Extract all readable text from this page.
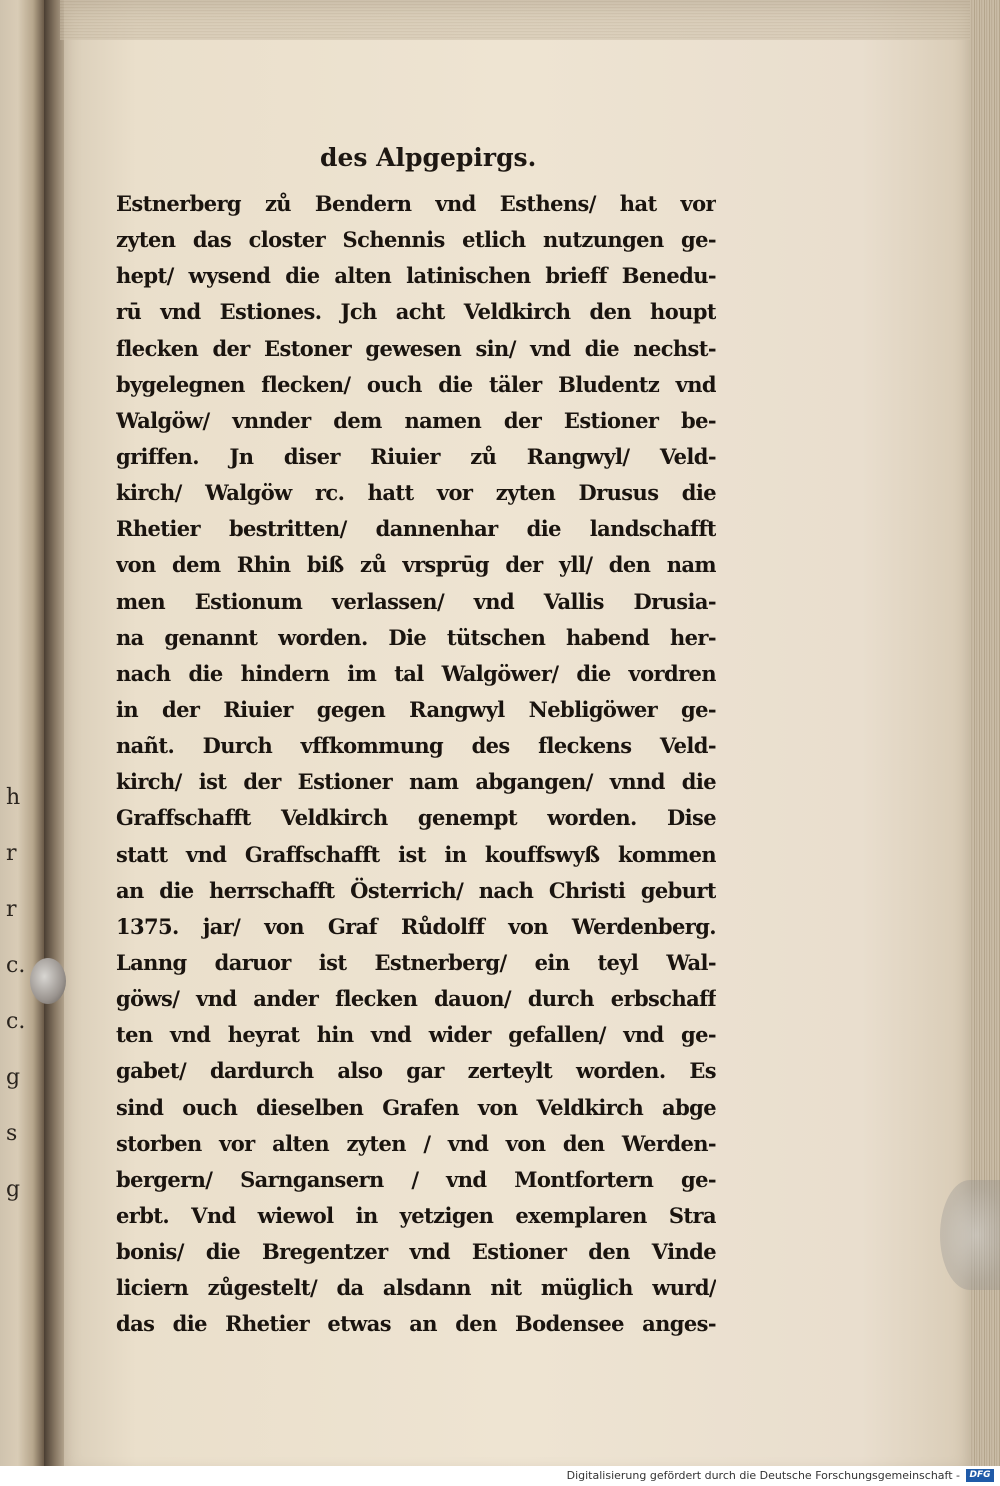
h
r
r
c.
c.
g
s
g
des Alpgepirgs.
Estnerberg zů Bendern vnd Esthens/ hat vor
zyten das closter Schennis etlich nutzungen ge-
hept/ wysend die alten latinischen brieff Benedu-
rū vnd Estiones. Jch acht Veldkirch den houpt
flecken der Estoner gewesen sin/ vnd die nechst-
bygelegnen flecken/ ouch die täler Bludentz vnd
Walgöw/ vnnder dem namen der Estioner be-
griffen. Jn diser Riuier zů Rangwyl/ Veld-
kirch/ Walgöw rc. hatt vor zyten Drusus die
Rhetier bestritten/ dannenhar die landschafft
von dem Rhin biß zů vrsprūg der yll/ den nam
men Estionum verlassen/ vnd Vallis Drusia-
na genannt worden. Die tütschen habend her-
nach die hindern im tal Walgöwer/ die vordren
in der Riuier gegen Rangwyl Nebligöwer ge-
nañt. Durch vffkommung des fleckens Veld-
kirch/ ist der Estioner nam abgangen/ vnnd die
Graffschafft Veldkirch genempt worden. Dise
statt vnd Graffschafft ist in kouffswyß kommen
an die herrschafft Österrich/ nach Christi geburt
1375. jar/ von Graf Růdolff von Werdenberg.
Lanng daruor ist Estnerberg/ ein teyl Wal-
göws/ vnd ander flecken dauon/ durch erbschaff
ten vnd heyrat hin vnd wider gefallen/ vnd ge-
gabet/ dardurch also gar zerteylt worden. Es
sind ouch dieselben Grafen von Veldkirch abge
storben vor alten zyten / vnd von den Werden-
bergern/ Sarngansern / vnd Montfortern ge-
erbt. Vnd wiewol in yetzigen exemplaren Stra
bonis/ die Bregentzer vnd Estioner den Vinde
liciern zůgestelt/ da alsdann nit müglich wurd/
das die Rhetier etwas an den Bodensee anges-
Digitalisierung gefördert durch die Deutsche Forschungsgemeinschaft -	DFG
